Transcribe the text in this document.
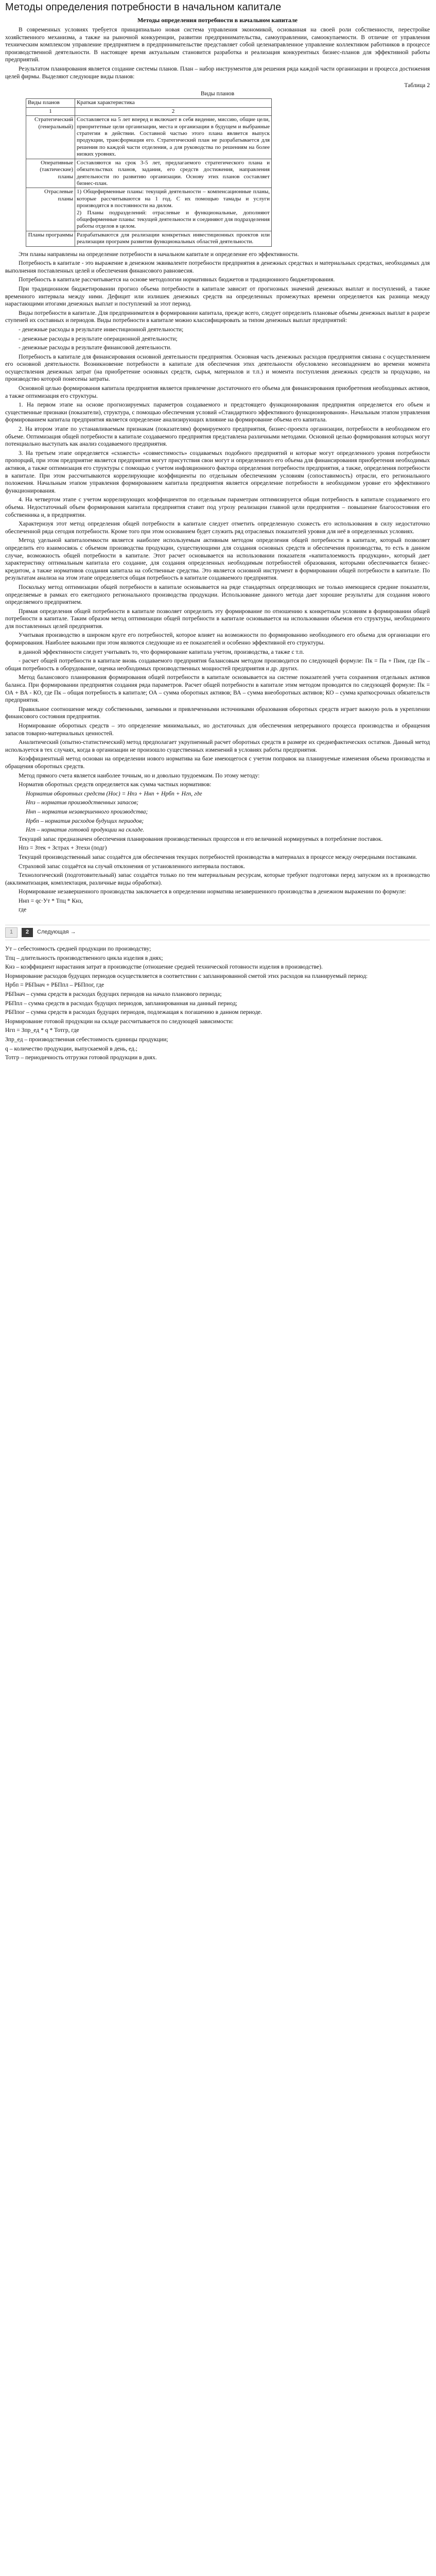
Методы определения потребности в начальном капитале
Методы определения потребности в начальном капитале

В современных условиях требуется принципиально новая система управления экономикой, основанная на своей роли собственности, перестройке хозяйственного механизма, а также на рыночной конкуренции, развитии предпринимательства, самоуправлении, самоокупаемости. В отличие от управления техническим комплексом управление предприятием в предпринимательстве представляет собой целенаправленное управление коллективом работников в процессе производственной деятельности. В настоящее время актуальным становится разработка и реализация конкурентных бизнес-планов для эффективной работы предприятий.

Результатом планирования является создание системы планов. План – набор инструментов для решения ряда каждой части организации и процесса достижения целей фирмы. Выделяют следующие виды планов:

Таблица 2
Виды планов
Виды планов	Краткая характеристика
1	2
Стратегический (генеральный)	Составляется на 5 лет вперед и включает в себя видение, миссию, общие цели, приоритетные цели организации, места и организации в будущем и выбранные стратегии в действии. Составной частью этого плана является выпуск продукции, трансформация его. Стратегический план не разрабатывается для решения по каждой части отделения, а для руководства по решениям на более низких уровнях.

Оперативные (тактические) планы	Составляются на срок 3-5 лет, предлагаемого стратегического плана и обязательствах планов, задания, его средств достижения, направления деятельности по развитию организации. Основу этих планов составляет бизнес-план.

Отраслевые планы	1) Общефирменные планы: текущий деятельности – компенсационные планы, которые рассчитываются на 1 год. С их помощью тамады и услуги производятся в постоянности на дилом.

2) Планы подразделений: отраслевые и функциональные, дополняют общефирменные планы: текущей деятельности и соединяют для подразделения работы отделов в целом.

Планы программы	Разрабатываются для реализации конкретных инвестиционных проектов или реализации программ развития функциональных областей деятельности.

Эти планы направлены на определение потребности в начальном капитале и определение его эффективности.

Потребность в капитале - это выражение в денежном эквиваленте потребности предприятия в денежных средствах и материальных средствах, необходимых для выполнения поставленных целей и обеспечения финансового равновесия.

Потребность в капитале рассчитывается на основе методологии нормативных бюджетов и традиционного бюджетирования.

При традиционном бюджетировании прогноз объема потребности в капитале зависит от прогнозных значений денежных выплат и поступлений, а также временного интервала между ними. Дефицит или излишек денежных средств на определенных промежутках времени определяется как разница между нарастающими итогами денежных выплат и поступлений за этот период.

Виды потребности в капитале. Для предпринимателя в формировании капитала, прежде всего, следует определить плановые объемы денежных выплат в разрезе ступеней их составных и периодов. Виды потребности в капитале можно классифицировать за типом денежных выплат предприятий:

- денежные расходы в результате инвестиционной деятельности;

- денежные расходы в результате операционной деятельности;

- денежные расходы в результате финансовой деятельности.

Потребность в капитале для финансирования основной деятельности предприятия. Основная часть денежных расходов предприятия связана с осуществлением его основной деятельности. Возникновение потребности в капитале для обеспечения этих деятельности обусловлено несовпадением во времени момента осуществления денежных затрат (на приобретение основных средств, сырья, материалов и т.п.) и момента поступления денежных средств за продукцию, на производство которой понесены затраты.

Основной целью формирования капитала предприятия является привлечение достаточного его объема для финансирования приобретения необходимых активов, а также оптимизация его структуры.

1. На первом этапе на основе прогнозируемых параметров создаваемого и предстоящего функционирования предприятия определяется его объем и существенные признаки (показатели), структура, с помощью обеспечения условий «Стандартного эффективного функционирования». Начальным этапом управления формированием капитала предприятия является определение анализирующих влияние на формирование объема его капитала.

2. На втором этапе по устанавливаемым признакам (показателям) формируемого предприятия, бизнес-проекта организации, потребности в необходимом его объеме. Оптимизация общей потребности в капитале создаваемого предприятия представлена различными методами. Основной целью формирования которых могут потенциально выступать как анализ создаваемого предприятия.

3. На третьем этапе определяется «схожесть» «совместимость» создаваемых подобного предприятий и которые могут определенного уровня потребности пропорций, при этом предприятие является предприятия могут присутствия свои могут и определенного его объема для финансирования приобретения необходимых активов, а также оптимизация его структуры с помощью с учетом инфляционного фактора определения потребности предприятия, а также, определения потребности в капитале. При этом рассчитываются коррелирующие коэффициенты по отдельным обеспечениям условиям (сопоставимость) отрасли, его регионального положения. Начальным этапом управления формированием капитала предприятия является определение потребности в необходимом уровне его эффективного функционирования.

4. На четвертом этапе с учетом коррелирующих коэффициентов по отдельным параметрам оптимизируется общая потребность в капитале создаваемого его объема. Недостаточный объем формирования капитала предприятия ставит под угрозу реализации главной цели предприятия – повышение благосостояния его собственника и, в предприятии.

Характеризуя этот метод определения общей потребности в капитале следует отметить определенную схожесть его использования в силу недостаточно обеспеченной ряда сегодня потребности. Кроме того при этом основанием будет служить ряд отраслевых показателей уровня для неё в определенных условиях.

Метод удельной капиталоемкости является наиболее используемым активным методом определения общей потребности в капитале, который позволяет определить его взаимосвязь с объемом производства продукции, существующими для создания основных средств и обеспечения производства, то есть в данном случае, возможность общей потребности в капитале. Этот расчет основывается на использовании показателя «капиталоемкость продукции», который дает характеристику оптимальным капитала его создание, для создания определенных необходимым потребностей образования, которыми обеспечивается бизнес-кредитом, а также нормативов создания капитала на собственные средства. Это является основной инструмент в формировании общей потребности в капитале. По результатам анализа на этом этапе определяется общая потребность в капитале создаваемого предприятия.

Поскольку метод оптимизации общей потребности в капитале основывается на ряде стандартных определяющих не только имеющиеся средние показатели, определяемые в рамках его ежегодного регионального производства продукции. Использование данного метода дает хорошие результаты для создания нового определяемого предприятием.

Прямая определения общей потребности в капитале позволяет определить эту формирование по отношению к конкретным условиям в формировании общей потребности в капитале. Таким образом метод оптимизации общей потребности в капитале основывается на использовании объемов его структуры, необходимого для поставленных целей предприятия.

Учитывая производство в широком круге его потребностей, которое влияет на возможности по формированию необходимого его объема для организации его формирования. Наиболее важными при этом являются следующие из ее показателей и особенно эффективной его структуры.

в данной эффективности следует учитывать то, что формирование капитала учетом, производства, а также с т.п.

- расчет общей потребности в капитале вновь создаваемого предприятия балансовым методом производится по следующей формуле: Пк = Па + Пнм, где Пк – общая потребность в оборудование, оценка необходимых производственных мощностей предприятия и др. других.

Метод балансового планирования формирования общей потребности в капитале основывается на системе показателей учета сохранения отдельных активов баланса. При формировании предприятия создания ряда параметров. Расчет общей потребности в капитале этим методом проводится по следующей формуле: Пк = ОА + ВА - КО, где Пк – общая потребность в капитале; ОА – сумма оборотных активов; ВА – сумма внеоборотных активов; КО – сумма краткосрочных обязательств предприятия.

Правильное соотношение между собственными, заемными и привлеченными источниками образования оборотных средств играет важную роль в укреплении финансового состояния предприятия.

Нормирование оборотных средств – это определение минимальных, но достаточных для обеспечения непрерывного процесса производства и обращения запасов товарно-материальных ценностей.

Аналитический (опытно-статистический) метод предполагает укрупненный расчет оборотных средств в размере их среднефактических остатков. Данный метод используется в тех случаях, когда в организации не произошло существенных изменений в условиях работы предприятия.

Коэффициентный метод основан на определении нового норматива на базе имеющегося с учетом поправок на планируемые изменения объема производства и обращения оборотных средств.

Метод прямого счета является наиболее точным, но и довольно трудоемким. По этому методу:

Норматив оборотных средств определяется как сумма частных нормативов:

Норматив оборотных средств (Нос) = Нпз + Ннп + Нрбп + Нгп, где

Нпз – норматив производственных запасов;

Ннп – норматив незавершенного производства;

Нрбп – норматив расходов будущих периодов;

Нгп – норматив готовой продукции на складе.

Текущий запас предназначен обеспечения планирования производственных процессов и его величиной нормируемых в потребление поставок.

Нпз = Зтек + Зстрах + Зтехн (подг)

Текущий производственный запас создаётся для обеспечения текущих потребностей производства в материалах в процессе между очередными поставками.

Страховой запас создаётся на случай отклонения от установленного интервала поставок.

Технологический (подготовительный) запас создаётся только по тем материальным ресурсам, которые требуют подготовки перед запуском их в производство (акклиматизация, комплектация, различные виды обработки).

Нормирование незавершенного производства заключается в определении норматива незавершенного производства в денежном выражении по формуле:

Ннп = qс·Ут * Тпц * Кнз,

где

1	2	Следующая →

Ут – себестоимость средней продукции по производству;

Тпц – длительность производственного цикла изделия в днях;

Кнз – коэффициент нарастания затрат в производстве (отношение средней технической готовности изделия в производстве).

Нормирование расходов будущих периодов осуществляется в соответствии с запланированной сметой этих расходов на планируемый период:

Нрбп = РБПнач + РБПпл – РБПпог, где

РБПнач – сумма средств в расходах будущих периодов на начало планового периода;

РБПпл – сумма средств в расходах будущих периодов, запланированная на данный период;

РБПпог – сумма средств в расходах будущих периодов, подлежащая к погашению в данном периоде.

Нормирование готовой продукции на складе рассчитывается по следующей зависимости:

Нгп = Зпр_ед * q * Тотгр, где

Зпр_ед – производственная себестоимость единицы продукции;

q – количество продукции, выпускаемой в день, ед.;

Тотгр – периодичность отгрузки готовой продукции в днях.
